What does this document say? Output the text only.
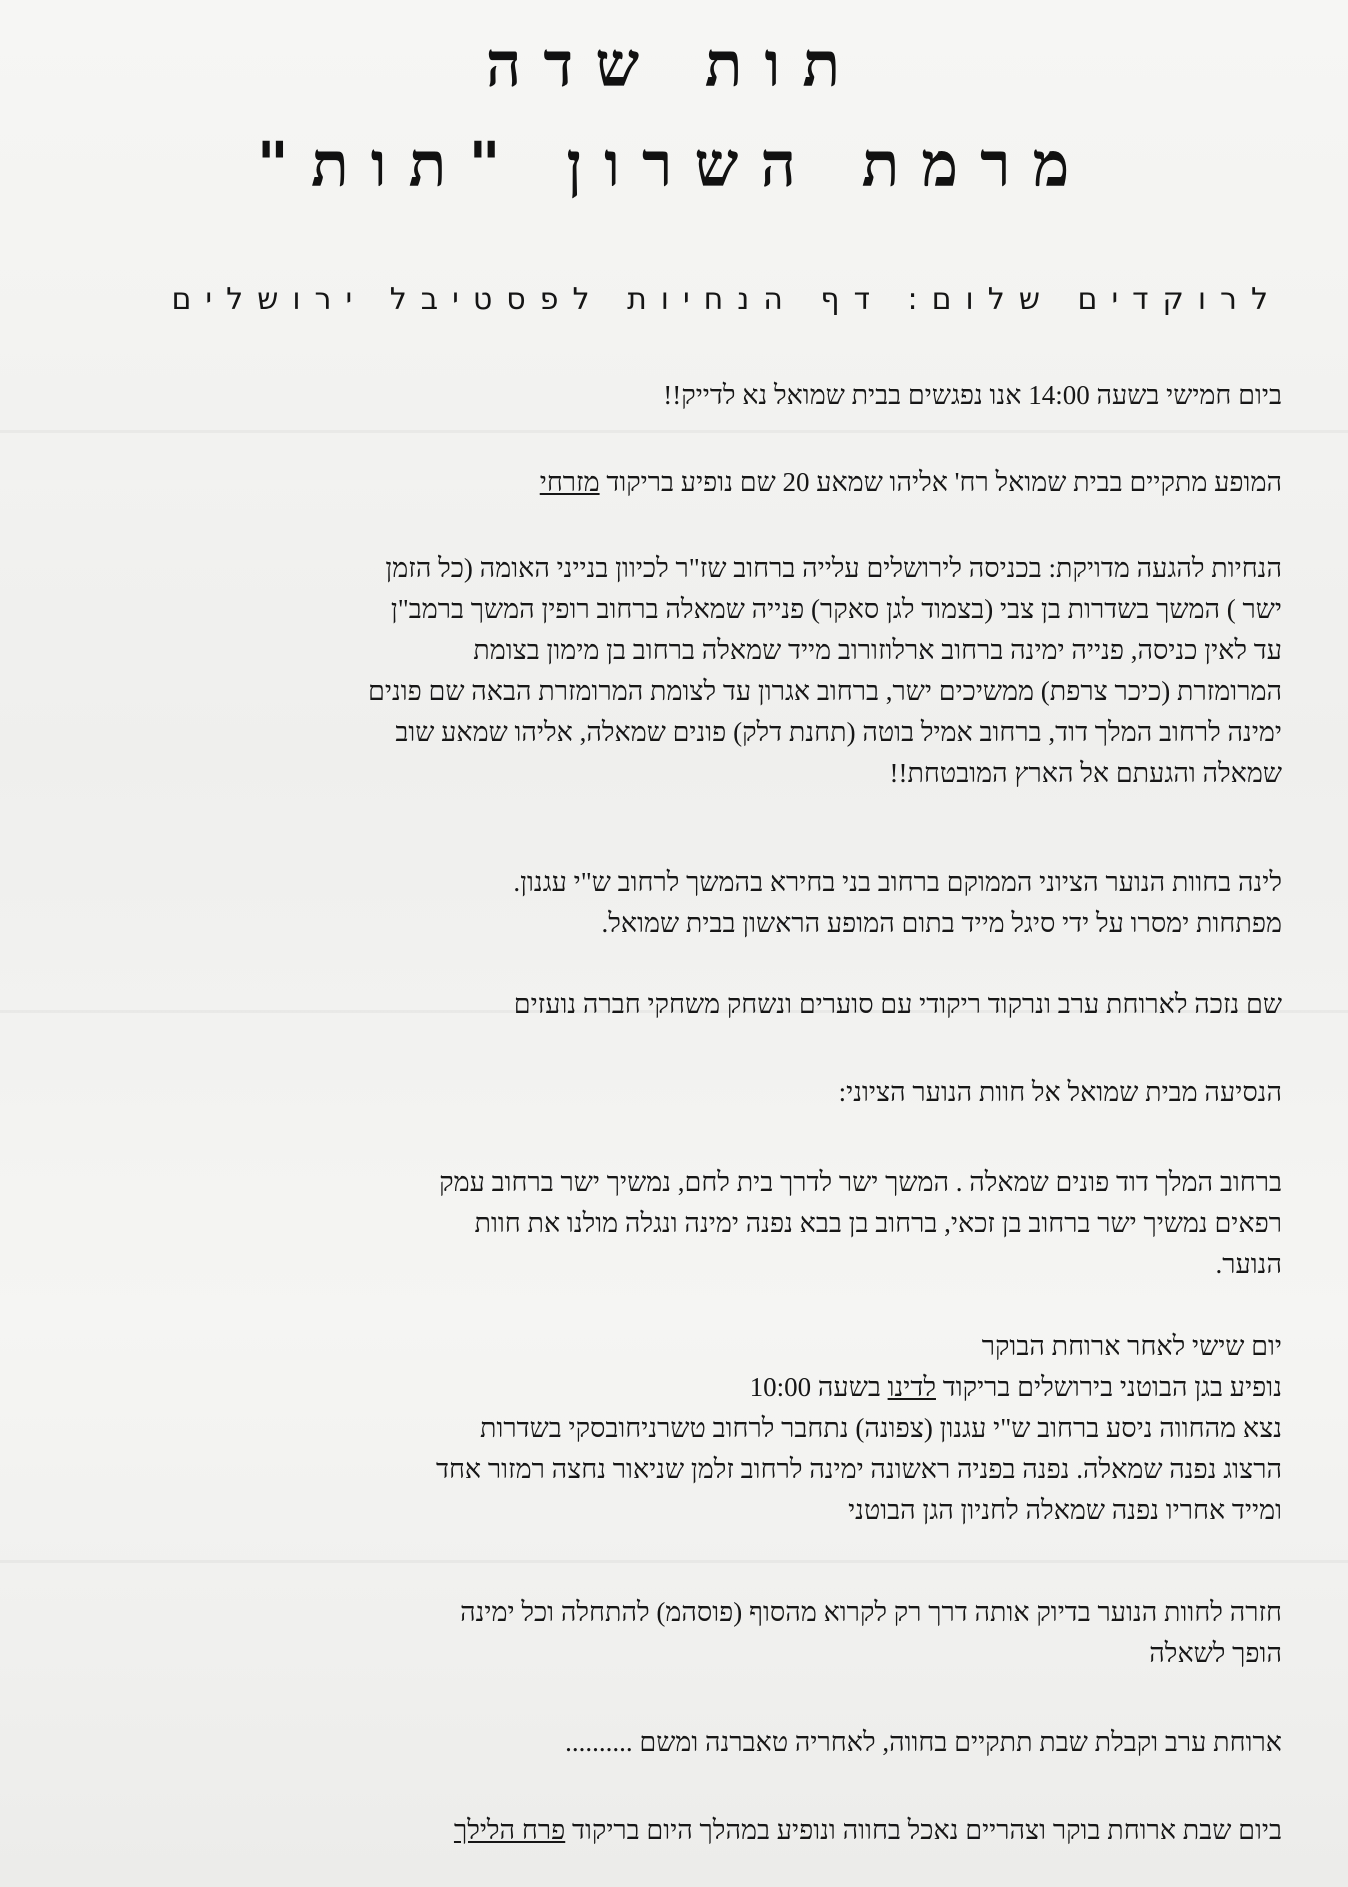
תות שדה
מרמת השרון "תות"
לרוקדים שלום: דף הנחיות לפסטיבל ירושלים
ביום חמישי בשעה 14:00 אנו נפגשים בבית שמואל נא לדייק!!
המופע מתקיים בבית שמואל רח' אליהו שמאע 20 שם נופיע בריקוד מזרחי
הנחיות להגעה מדויקת: בכניסה לירושלים עלייה ברחוב שז"ר לכיוון בנייני האומה (כל הזמן
ישר ) המשך בשדרות בן צבי (בצמוד לגן סאקר) פנייה שמאלה ברחוב רופין המשך ברמב"ן
עד לאין כניסה, פנייה ימינה ברחוב ארלוזורוב מייד שמאלה ברחוב בן מימון בצומת
המרומזרת (כיכר צרפת) ממשיכים ישר, ברחוב אגרון עד לצומת המרומזרת הבאה שם פונים
ימינה לרחוב המלך דוד, ברחוב אמיל בוטה (תחנת דלק) פונים שמאלה, אליהו שמאע שוב
שמאלה והגעתם אל הארץ המובטחת!!
לינה בחוות הנוער הציוני הממוקם ברחוב בני בחירא בהמשך לרחוב ש"י עגנון.
מפתחות ימסרו על ידי סיגל מייד בתום המופע הראשון בבית שמואל.
שם נזכה לארוחת ערב ונרקוד ריקודי עם סוערים ונשחק משחקי חברה נועזים
הנסיעה מבית שמואל אל חוות הנוער הציוני:
ברחוב המלך דוד פונים שמאלה . המשך ישר לדרך בית לחם, נמשיך ישר ברחוב עמק
רפאים נמשיך ישר ברחוב בן זכאי, ברחוב בן בבא נפנה ימינה ונגלה מולנו את חוות
הנוער.
יום שישי לאחר ארוחת הבוקר
נופיע בגן הבוטני בירושלים בריקוד לדינו בשעה 10:00
נצא מהחווה ניסע ברחוב ש"י עגנון (צפונה) נתחבר לרחוב טשרניחובסקי בשדרות
הרצוג נפנה שמאלה. נפנה בפניה ראשונה ימינה לרחוב זלמן שניאור נחצה רמזור אחד
ומייד אחריו נפנה שמאלה לחניון הגן הבוטני
חזרה לחוות הנוער בדיוק אותה דרך רק לקרוא מהסוף (פוסהמ) להתחלה וכל ימינה
הופך לשאלה
ארוחת ערב וקבלת שבת תתקיים בחווה, לאחריה טאברנה ומשם ..........
ביום שבת ארוחת בוקר וצהריים נאכל בחווה ונופיע במהלך היום בריקוד פרח הלילך
